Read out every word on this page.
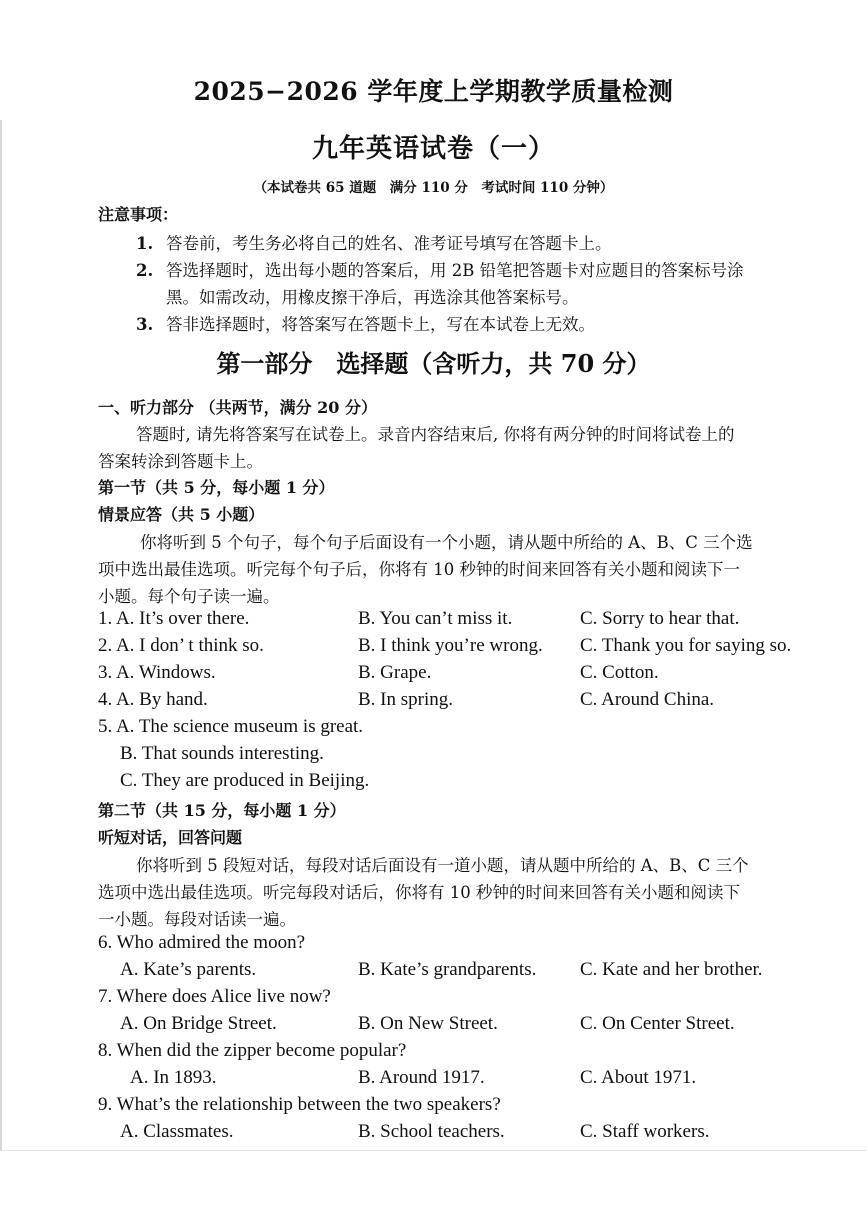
2025−2026 学年度上学期教学质量检测
九年英语试卷（一）
（本试卷共 65 道题　满分 110 分　考试时间 110 分钟）
注意事项：
1. 答卷前，考生务必将自己的姓名、准考证号填写在答题卡上。
2. 答选择题时，选出每小题的答案后，用 2B 铅笔把答题卡对应题目的答案标号涂
黑。如需改动，用橡皮擦干净后，再选涂其他答案标号。
3. 答非选择题时，将答案写在答题卡上，写在本试卷上无效。
第一部分　选择题（含听力，共 70 分）
一、听力部分 （共两节，满分 20 分）
答题时, 请先将答案写在试卷上。录音内容结束后, 你将有两分钟的时间将试卷上的
答案转涂到答题卡上。
第一节（共 5 分，每小题 1 分）
情景应答（共 5 小题）
你将听到 5 个句子，每个句子后面设有一个小题，请从题中所给的 A、B、C 三个选
项中选出最佳选项。听完每个句子后，你将有 10 秒钟的时间来回答有关小题和阅读下一
小题。每个句子读一遍。
1. A. It’s over there.	B. You can’t miss it.	C. Sorry to hear that.
2. A. I don’ t think so.	B. I think you’re wrong. C. Thank you for saying so.
3. A. Windows.	B. Grape.	C. Cotton.
4. A. By hand.	B. In spring.	C. Around China.
5. A. The science museum is great.
B. That sounds interesting.
C. They are produced in Beijing.
第二节（共 15 分，每小题 1 分）
听短对话，回答问题
你将听到 5 段短对话，每段对话后面设有一道小题，请从题中所给的 A、B、C 三个
选项中选出最佳选项。听完每段对话后，你将有 10 秒钟的时间来回答有关小题和阅读下
一小题。每段对话读一遍。
6. Who admired the moon?
A. Kate’s parents.	B. Kate’s grandparents. C. Kate and her brother.
7. Where does Alice live now?
A. On Bridge Street.	B. On New Street.	C. On Center Street.
8. When did the zipper become popular?
A. In 1893.	B. Around 1917.	C. About 1971.
9. What’s the relationship between the two speakers?
A. Classmates.	B. School teachers.	C. Staff workers.
